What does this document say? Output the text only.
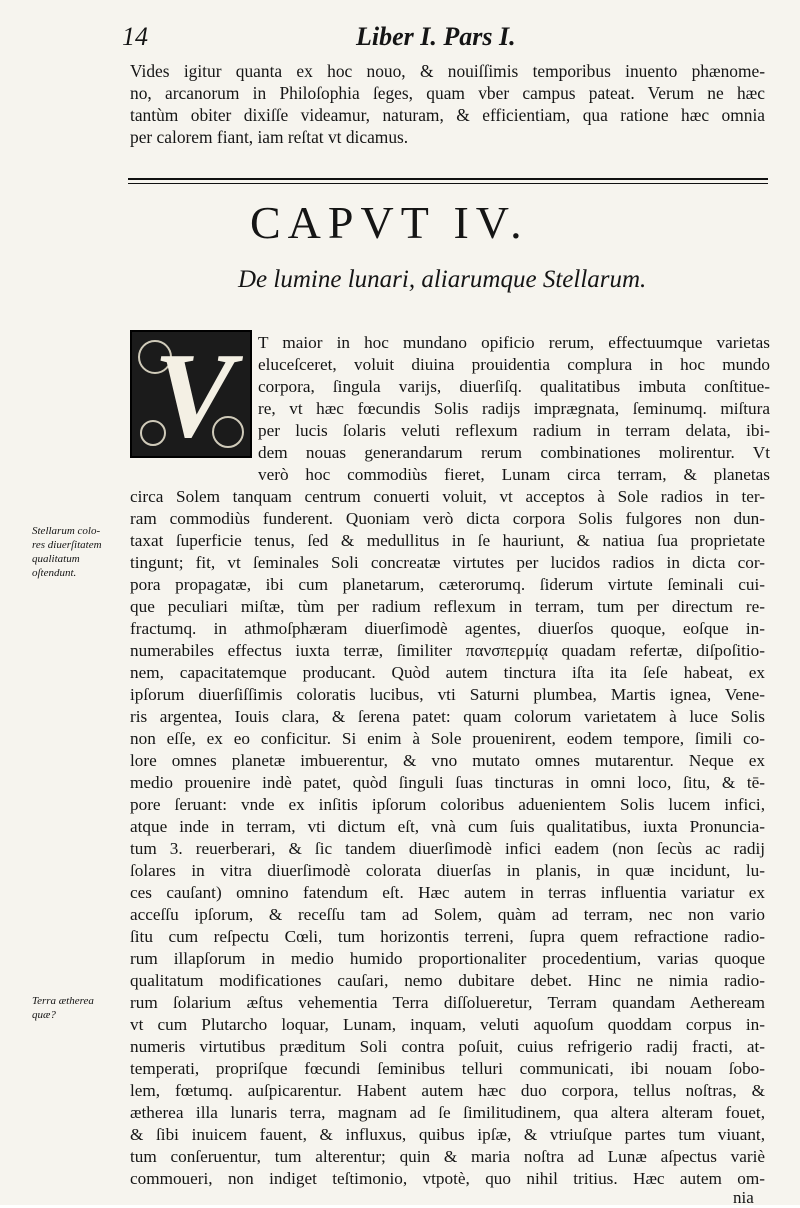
14	Liber I. Pars I.
Vides igitur quanta ex hoc nouo, & nouiſſimis temporibus inuento phænome-
no, arcanorum in Philoſophia ſeges, quam vber campus pateat. Verum ne hæc
tantùm obiter dixiſſe videamur, naturam, & efficientiam, qua ratione hæc omnia
per calorem fiant, iam reſtat vt dicamus.
CAPVT IV.
De lumine lunari, aliarumque Stellarum.
V	T maior in hoc mundano opificio rerum, effectuumque varietas
eluceſceret, voluit diuina prouidentia complura in hoc mundo
corpora, ſingula varijs, diuerſiſq. qualitatibus imbuta conſtitue-
re, vt hæc fœcundis Solis radijs imprægnata, ſeminumq. miſtura
per lucis ſolaris veluti reflexum radium in terram delata, ibi-
dem nouas generandarum rerum combinationes molirentur. Vt
verò hoc commodiùs fieret, Lunam circa terram, & planetas
circa Solem tanquam centrum conuerti voluit, vt acceptos à Sole radios in ter-
ram commodiùs funderent. Quoniam verò dicta corpora Solis fulgores non dun-
taxat ſuperficie tenus, ſed & medullitus in ſe hauriunt, & natiua ſua proprietate
tingunt; fit, vt ſeminales Soli concreatæ virtutes per lucidos radios in dicta cor-
pora propagatæ, ibi cum planetarum, cæterorumq. ſiderum virtute ſeminali cui-
que peculiari miſtæ, tùm per radium reflexum in terram, tum per directum re-
fractumq. in athmoſphæram diuerſimodè agentes, diuerſos quoque, eoſque in-
numerabiles effectus iuxta terræ, ſimiliter πανσπερμίᾳ quadam refertæ, diſpoſitio-
nem, capacitatemque producant. Quòd autem tinctura iſta ita ſeſe habeat, ex
ipſorum diuerſiſſimis coloratis lucibus, vti Saturni plumbea, Martis ignea, Vene-
ris argentea, Iouis clara, & ſerena patet: quam colorum varietatem à luce Solis
non eſſe, ex eo conficitur. Si enim à Sole prouenirent, eodem tempore, ſimili co-
lore omnes planetæ imbuerentur, & vno mutato omnes mutarentur. Neque ex
medio prouenire indè patet, quòd ſinguli ſuas tincturas in omni loco, ſitu, & tē-
pore ſeruant: vnde ex inſitis ipſorum coloribus aduenientem Solis lucem infici,
atque inde in terram, vti dictum eſt, vnà cum ſuis qualitatibus, iuxta Pronuncia-
tum 3. reuerberari, & ſic tandem diuerſimodè infici eadem (non ſecùs ac radij
ſolares in vitra diuerſimodè colorata diuerſas in planis, in quæ incidunt, lu-
ces cauſant) omnino fatendum eſt. Hæc autem in terras influentia variatur ex
acceſſu ipſorum, & receſſu tam ad Solem, quàm ad terram, nec non vario
ſitu cum reſpectu Cœli, tum horizontis terreni, ſupra quem refractione radio-
rum illapſorum in medio humido proportionaliter procedentium, varias quoque
qualitatum modificationes cauſari, nemo dubitare debet. Hinc ne nimia radio-
rum ſolarium æſtus vehementia Terra diſſolueretur, Terram quandam Aetheream
vt cum Plutarcho loquar, Lunam, inquam, veluti aquoſum quoddam corpus in-
numeris virtutibus præditum Soli contra poſuit, cuius refrigerio radij fracti, at-
temperati, propriſque fœcundi ſeminibus telluri communicati, ibi nouam ſobo-
lem, fœtumq. auſpicarentur. Habent autem hæc duo corpora, tellus noſtras, &
ætherea illa lunaris terra, magnam ad ſe ſimilitudinem, qua altera alteram fouet,
& ſibi inuicem fauent, & influxus, quibus ipſæ, & vtriuſque partes tum viuant,
tum conſeruentur, tum alterentur; quin & maria noſtra ad Lunæ aſpectus variè
commoueri, non indiget teſtimonio, vtpotè, quo nihil tritius. Hæc autem om-
Stellarum colo-
res diuerſitatem
qualitatum
oſtendunt.
Terra ætherea
quæ?
nia
